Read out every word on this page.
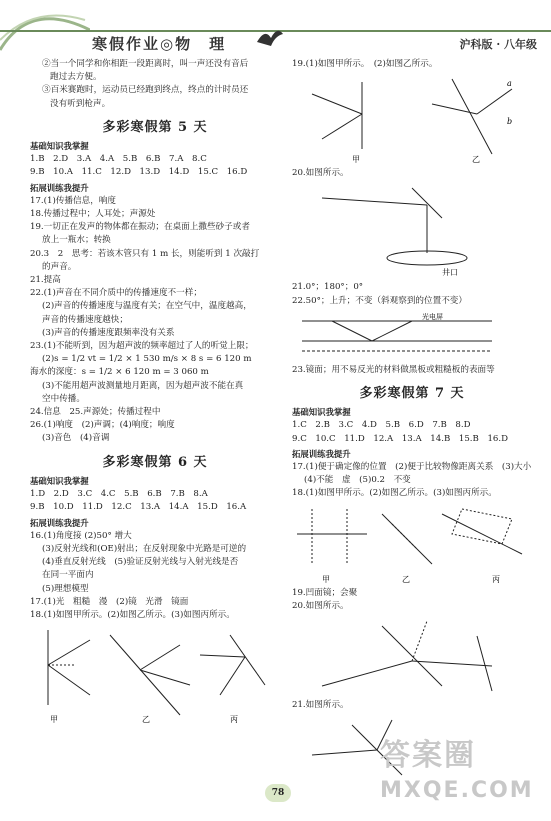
寒假作业◎物　理	沪科版 · 八年级
②当一个同学和你相距一段距离时，叫一声还没有音后
跑过去方便。
③百米赛跑时，运动员已经跑到终点，终点的计时员还
没有听到枪声。
多彩寒假第 5 天
基础知识我掌握
1.B　2.D　3.A　4.A　5.B　6.B　7.A　8.C
9.B　10.A　11.C　12.D　13.D　14.D　15.C　16.D
拓展训练我提升
17.(1)传播信息，响度
18.传播过程中；人耳处；声源处
19.一切正在发声的物体都在振动；在桌面上撒些砂子或者
放上一瓶水；转换
20.3　2　思考：若该木管只有 1 m 长，则能听到 1 次敲打
的声音。
21.提高
22.(1)声音在不同介质中的传播速度不一样；
(2)声音的传播速度与温度有关；在空气中，温度越高，
声音的传播速度越快；
(3)声音的传播速度跟频率没有关系
23.(1)不能听到，因为超声波的频率超过了人的听觉上限；
(2)s = 1/2 vt = 1/2 × 1 530 m/s × 8 s = 6 120 m
海水的深度：s = 1/2 × 6 120 m = 3 060 m
(3)不能用超声波测量地月距离，因为超声波不能在真
空中传播。
24.信息　25.声源处；传播过程中
26.(1)响度　(2)声调；(4)响度；响度
(3)音色　(4)音调
多彩寒假第 6 天
基础知识我掌握
1.D　2.D　3.C　4.C　5.B　6.B　7.B　8.A
9.B　10.D　11.D　12.C　13.A　14.A　15.D　16.A
拓展训练我提升
16.(1)角度接 (2)50° 增大
(3)反射光线和(OE)射出；在反射现象中光路是可逆的
(4)垂直反射光线　(5)验证反射光线与入射光线是否
在同一平面内
(5)理想模型
17.(1)光　粗糙　漫　(2)镜　光滑　镜面
18.(1)如图甲所示。(2)如图乙所示。(3)如图丙所示。
甲	乙	丙
19.(1)如图甲所示。　(2)如图乙所示。
a
b
甲	乙
20.如图所示。
井口
21.0°；180°；0°
22.50°；上升；不变（斜观察到的位置不变）
光电屏
23.镜面；用不易反光的材料做黑板或粗糙板的表面等
多彩寒假第 7 天
基础知识我掌握
1.C　2.B　3.C　4.D　5.B　6.D　7.B　8.D
9.C　10.C　11.D　12.A　13.A　14.B　15.B　16.D
拓展训练我提升
17.(1)便于确定像的位置　(2)便于比较物像距离关系　(3)大小
(4)不能　虚　(5)0.2　不变
18.(1)如图甲所示。(2)如图乙所示。(3)如图丙所示。
甲	乙	丙
19.凹面镜；会聚
20.如图所示。
21.如图所示。
78
答案圈
MXQE.COM
